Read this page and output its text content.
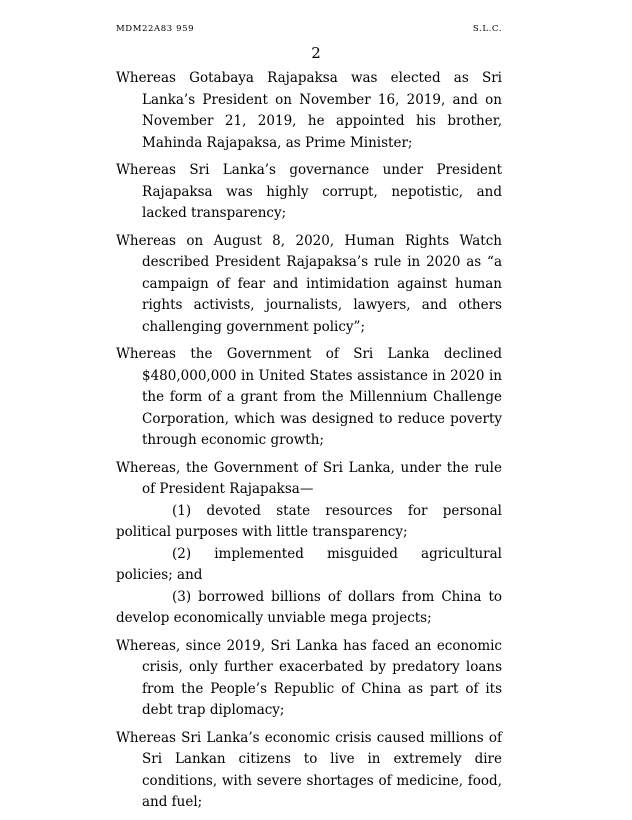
MDM22A83 959	S.L.C.
2

Whereas Gotabaya Rajapaksa was elected as Sri Lanka’s President on November 16, 2019, and on November 21, 2019, he appointed his brother, Mahinda Rajapaksa, as Prime Minister;

Whereas Sri Lanka’s governance under President Rajapaksa was highly corrupt, nepotistic, and lacked transparency;

Whereas on August 8, 2020, Human Rights Watch described President Rajapaksa’s rule in 2020 as “a campaign of fear and intimidation against human rights activists, journalists, lawyers, and others challenging government policy”;

Whereas the Government of Sri Lanka declined $480,000,000 in United States assistance in 2020 in the form of a grant from the Millennium Challenge Corporation, which was designed to reduce poverty through economic growth;

Whereas, the Government of Sri Lanka, under the rule of President Rajapaksa—

(1) devoted state resources for personal political purposes with little transparency;

(2) implemented misguided agricultural policies; and

(3) borrowed billions of dollars from China to develop economically unviable mega projects;

Whereas, since 2019, Sri Lanka has faced an economic crisis, only further exacerbated by predatory loans from the People’s Republic of China as part of its debt trap diplomacy;

Whereas Sri Lanka’s economic crisis caused millions of Sri Lankan citizens to live in extremely dire conditions, with severe shortages of medicine, food, and fuel;
